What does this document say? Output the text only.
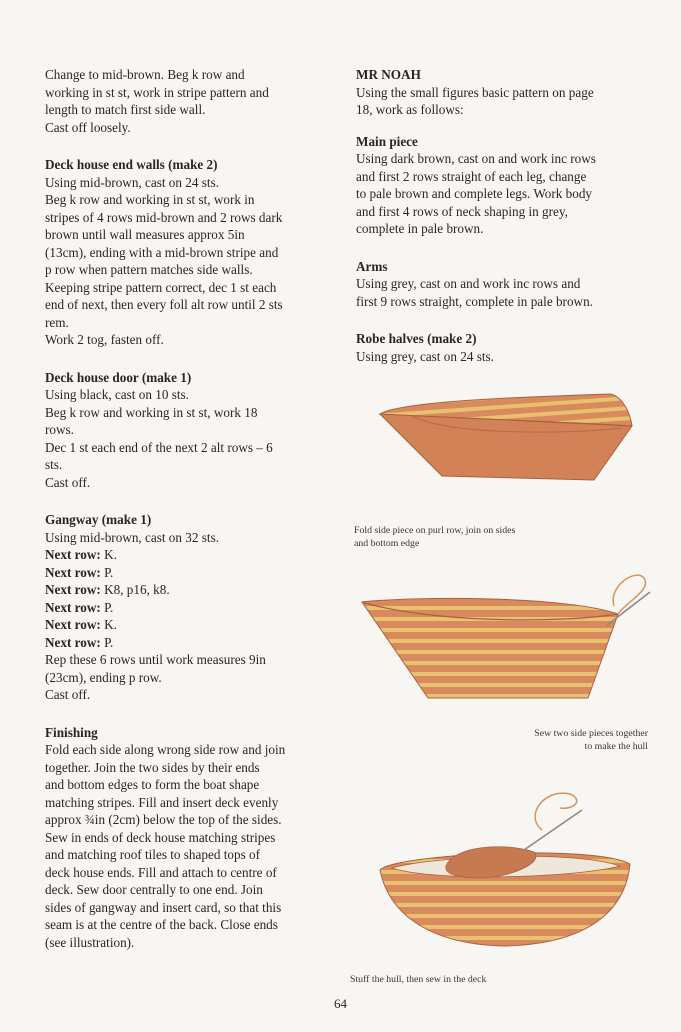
Change to mid-brown. Beg k row and

working in st st, work in stripe pattern and

length to match first side wall.

Cast off loosely.

Deck house end walls (make 2)

Using mid-brown, cast on 24 sts.

Beg k row and working in st st, work in

stripes of 4 rows mid-brown and 2 rows dark

brown until wall measures approx 5in

(13cm), ending with a mid-brown stripe and

p row when pattern matches side walls.

Keeping stripe pattern correct, dec 1 st each

end of next, then every foll alt row until 2 sts

rem.

Work 2 tog, fasten off.

Deck house door (make 1)

Using black, cast on 10 sts.

Beg k row and working in st st, work 18

rows.

Dec 1 st each end of the next 2 alt rows – 6

sts.

Cast off.

Gangway (make 1)

Using mid-brown, cast on 32 sts.

Next row: K.

Next row: P.

Next row: K8, p16, k8.

Next row: P.

Next row: K.

Next row: P.

Rep these 6 rows until work measures 9in

(23cm), ending p row.

Cast off.

Finishing

Fold each side along wrong side row and join

together. Join the two sides by their ends

and bottom edges to form the boat shape

matching stripes. Fill and insert deck evenly

approx ¾in (2cm) below the top of the sides.

Sew in ends of deck house matching stripes

and matching roof tiles to shaped tops of

deck house ends. Fill and attach to centre of

deck. Sew door centrally to one end. Join

sides of gangway and insert card, so that this

seam is at the centre of the back. Close ends

(see illustration).

MR NOAH

Using the small figures basic pattern on page

18, work as follows:

Main piece

Using dark brown, cast on and work inc rows

and first 2 rows straight of each leg, change

to pale brown and complete legs. Work body

and first 4 rows of neck shaping in grey,

complete in pale brown.

Arms

Using grey, cast on and work inc rows and

first 9 rows straight, complete in pale brown.

Robe halves (make 2)

Using grey, cast on 24 sts.

Fold side piece on purl row, join on sides
and bottom edge
Sew two side pieces together
to make the hull
Stuff the hull, then sew in the deck
64
